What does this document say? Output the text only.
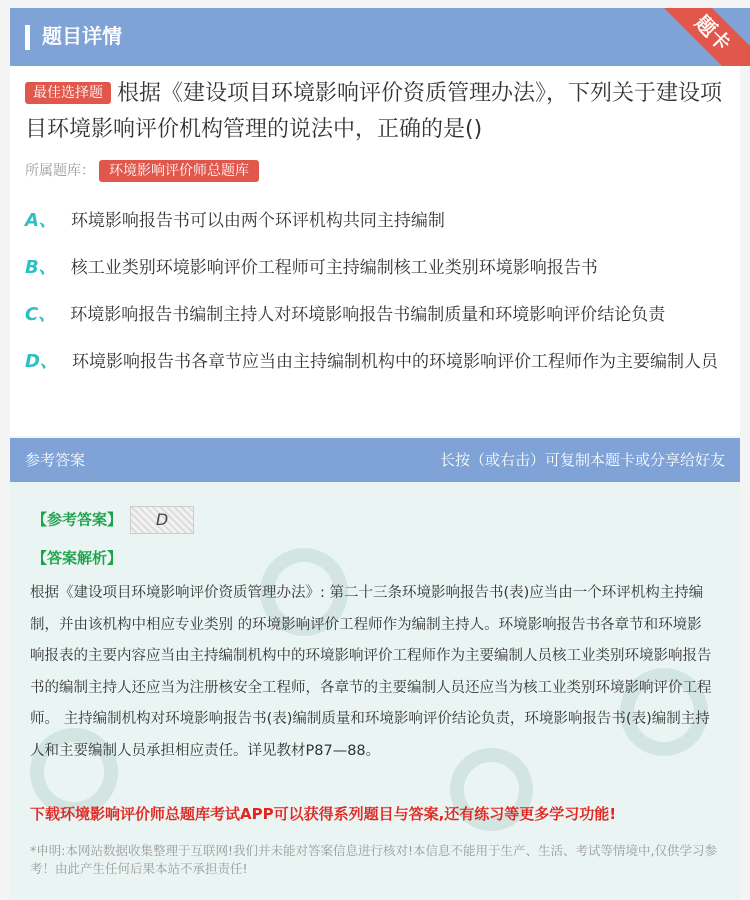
题目详情	题卡
最佳选择题 根据《建设项目环境影响评价资质管理办法》，下列关于建设项目环境影响评价机构管理的说法中，正确的是()
所属题库： 环境影响评价师总题库
A、 环境影响报告书可以由两个环评机构共同主持编制
B、 核工业类别环境影响评价工程师可主持编制核工业类别环境影响报告书
C、 环境影响报告书编制主持人对环境影响报告书编制质量和环境影响评价结论负责
D、 环境影响报告书各章节应当由主持编制机构中的环境影响评价工程师作为主要编制人员
参考答案	长按（或右击）可复制本题卡或分享给好友
【参考答案】 D
【答案解析】
根据《建设项目环境影响评价资质管理办法》: 第二十三条环境影响报告书(表)应当由一个环评机构主持编制，并由该机构中相应专业类别 的环境影响评价工程师作为编制主持人。环境影响报告书各章节和环境影响报表的主要内容应当由主持编制机构中的环境影响评价工程师作为主要编制人员核工业类别环境影响报告书的编制主持人还应当为注册核安全工程师，各章节的主要编制人员还应当为核工业类别环境影响评价工程师。 主持编制机构对环境影响报告书(表)编制质量和环境影响评价结论负责，环境影响报告书(表)编制主持人和主要编制人员承担相应责任。详见教材P87—88。
下载环境影响评价师总题库考试APP可以获得系列题目与答案,还有练习等更多学习功能!
*申明:本网站数据收集整理于互联网!我们并未能对答案信息进行核对!本信息不能用于生产、生活、考试等情境中,仅供学习参考！由此产生任何后果本站不承担责任!
